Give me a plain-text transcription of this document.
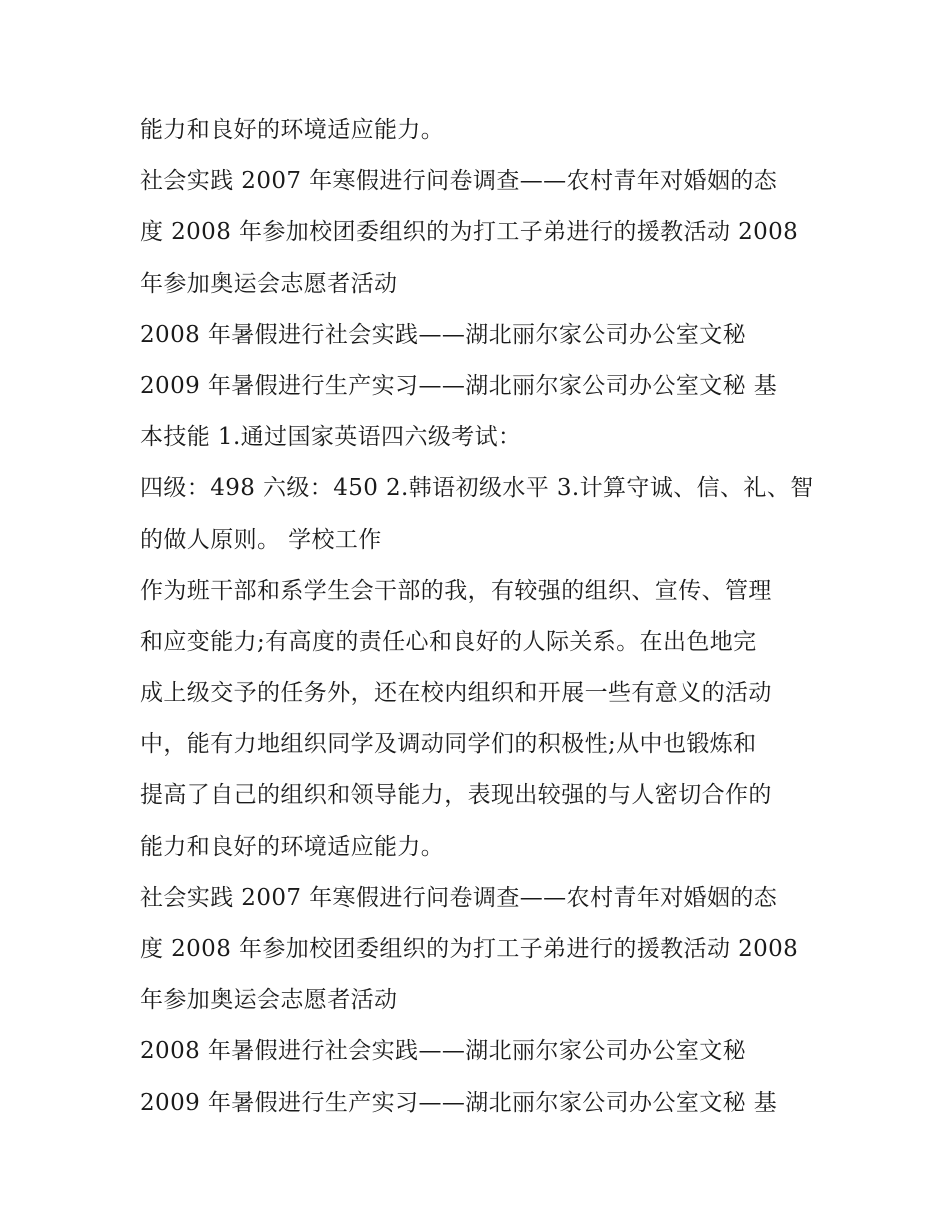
能力和良好的环境适应能力。
社会实践 2007 年寒假进行问卷调查——农村青年对婚姻的态
度 2008 年参加校团委组织的为打工子弟进行的援教活动 2008
年参加奥运会志愿者活动
2008 年暑假进行社会实践——湖北丽尔家公司办公室文秘
2009 年暑假进行生产实习——湖北丽尔家公司办公室文秘 基
本技能 1.通过国家英语四六级考试：
四级：498 六级：450 2.韩语初级水平 3.计算守诚、信、礼、智
的做人原则。 学校工作
作为班干部和系学生会干部的我，有较强的组织、宣传、管理
和应变能力;有高度的责任心和良好的人际关系。在出色地完
成上级交予的任务外，还在校内组织和开展一些有意义的活动
中，能有力地组织同学及调动同学们的积极性;从中也锻炼和
提高了自己的组织和领导能力，表现出较强的与人密切合作的
能力和良好的环境适应能力。
社会实践 2007 年寒假进行问卷调查——农村青年对婚姻的态
度 2008 年参加校团委组织的为打工子弟进行的援教活动 2008
年参加奥运会志愿者活动
2008 年暑假进行社会实践——湖北丽尔家公司办公室文秘
2009 年暑假进行生产实习——湖北丽尔家公司办公室文秘 基
